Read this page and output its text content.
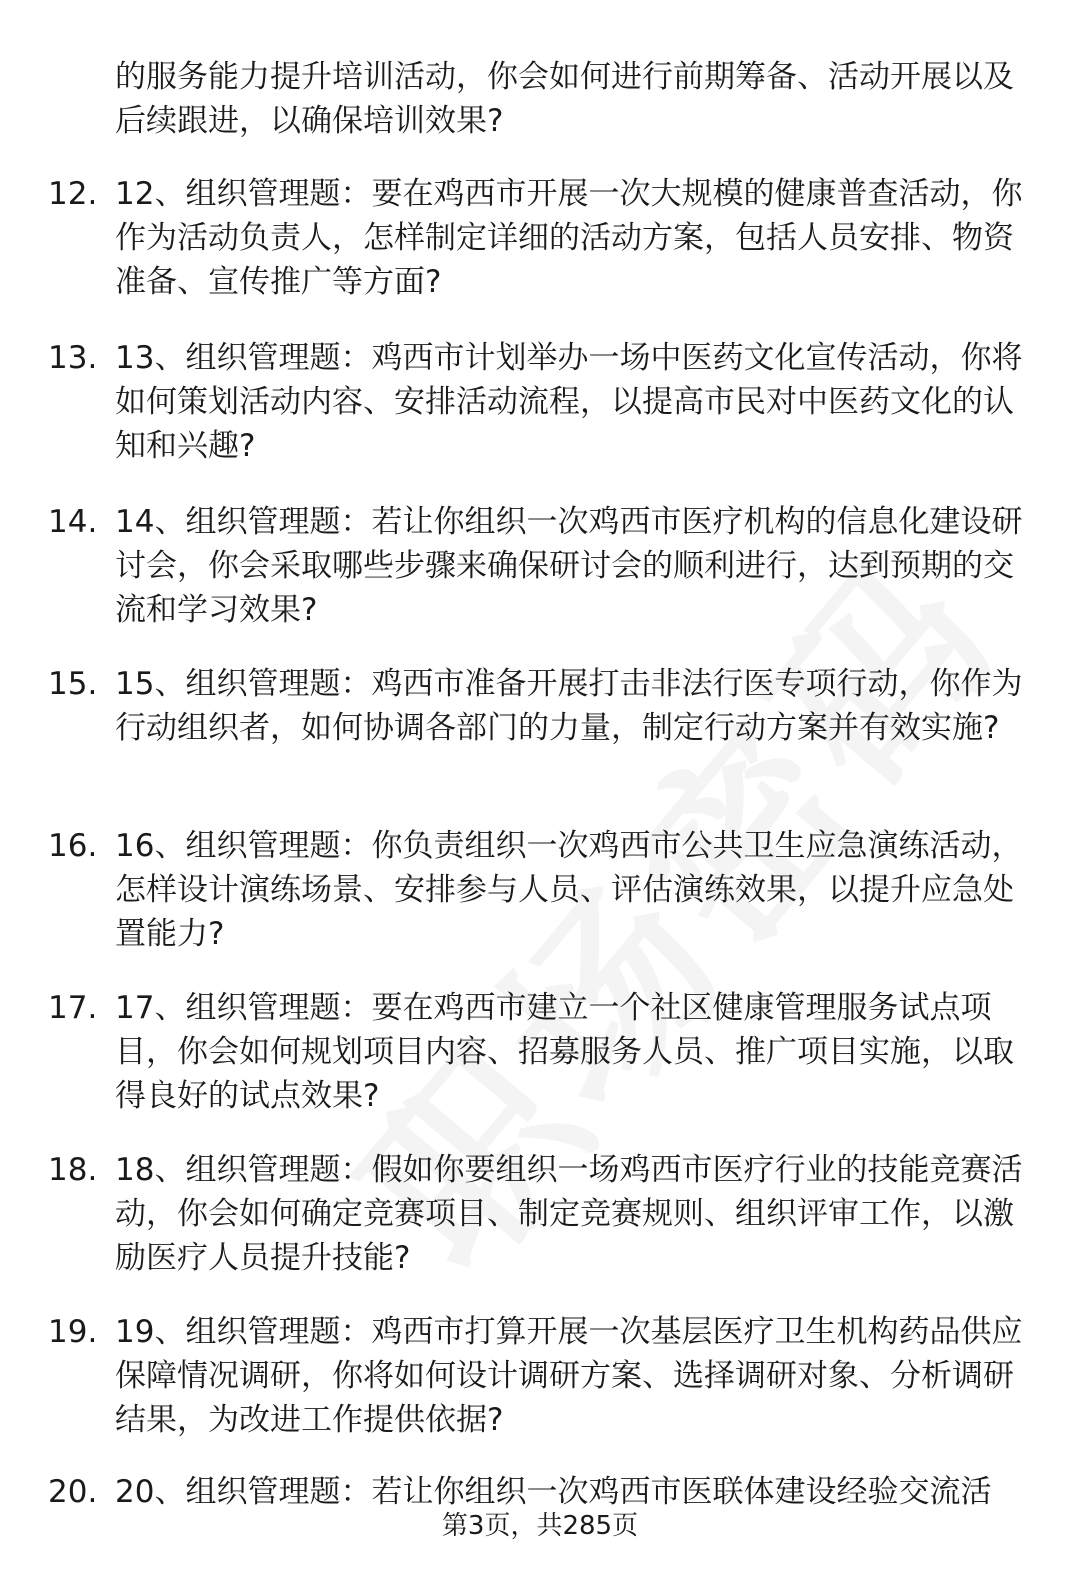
的服务能力提升培训活动，你会如何进行前期筹备、活动开展以及后续跟进，以确保培训效果?
12. 12、组织管理题：要在鸡西市开展一次大规模的健康普查活动，你作为活动负责人，怎样制定详细的活动方案，包括人员安排、物资准备、宣传推广等方面?
13. 13、组织管理题：鸡西市计划举办一场中医药文化宣传活动，你将如何策划活动内容、安排活动流程，以提高市民对中医药文化的认知和兴趣?
14. 14、组织管理题：若让你组织一次鸡西市医疗机构的信息化建设研讨会，你会采取哪些步骤来确保研讨会的顺利进行，达到预期的交流和学习效果?
15. 15、组织管理题：鸡西市准备开展打击非法行医专项行动，你作为行动组织者，如何协调各部门的力量，制定行动方案并有效实施?
16. 16、组织管理题：你负责组织一次鸡西市公共卫生应急演练活动，怎样设计演练场景、安排参与人员、评估演练效果，以提升应急处置能力?
17. 17、组织管理题：要在鸡西市建立一个社区健康管理服务试点项目，你会如何规划项目内容、招募服务人员、推广项目实施，以取得良好的试点效果?
18. 18、组织管理题：假如你要组织一场鸡西市医疗行业的技能竞赛活动，你会如何确定竞赛项目、制定竞赛规则、组织评审工作，以激励医疗人员提升技能?
19. 19、组织管理题：鸡西市打算开展一次基层医疗卫生机构药品供应保障情况调研，你将如何设计调研方案、选择调研对象、分析调研结果，为改进工作提供依据?
20. 20、组织管理题：若让你组织一次鸡西市医联体建设经验交流活
第3页，共285页
